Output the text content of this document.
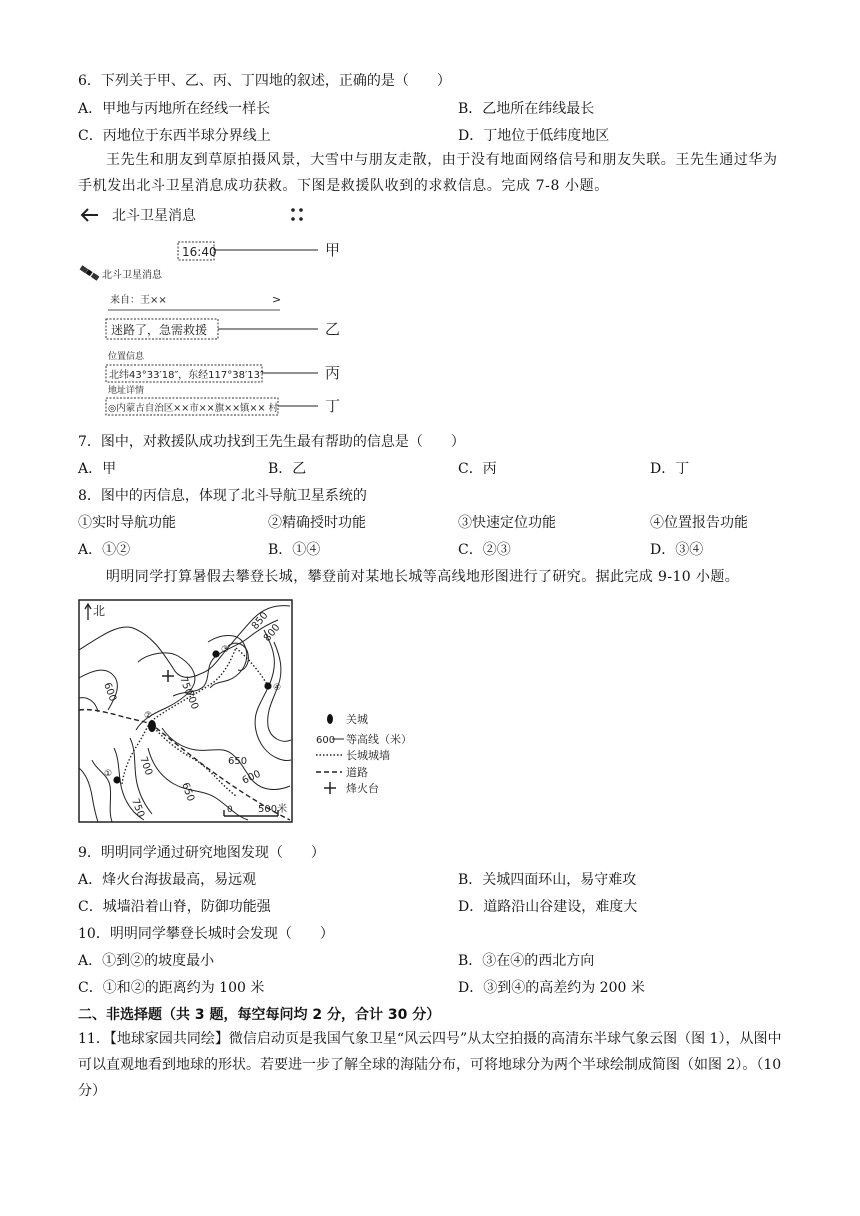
6．下列关于甲、乙、丙、丁四地的叙述，正确的是（　　）
A．甲地与丙地所在经线一样长	B．乙地所在纬线最长
C．丙地位于东西半球分界线上	D．丁地位于低纬度地区
王先生和朋友到草原拍摄风景，大雪中与朋友走散，由于没有地面网络信号和朋友失联。王先生通过华为手机发出北斗卫星消息成功获救。下图是救援队收到的求救信息。完成 7-8 小题。
北斗卫星消息
16:40	甲
北斗卫星消息
来自：王××	>
迷路了，急需救援	乙
位置信息
北纬43°33′18″，东经117°38′13″	丙
地址详情
◎内蒙古自治区××市××旗××镇×× 村	丁
7．图中，对救援队成功找到王先生最有帮助的信息是（　　）
A．甲	B．乙	C．丙	D．丁
8．图中的丙信息，体现了北斗导航卫星系统的
①实时导航功能	②精确授时功能	③快速定位功能	④位置报告功能
A．①②	B．①④	C．②③	D．③④
明明同学打算暑假去攀登长城，攀登前对某地长城等高线地形图进行了研究。据此完成 9-10 小题。
北	850
800
750
700
600
700	650
600
650
750
①
②
③
④
0	500米
关城
600 等高线（米）
长城城墙
道路
烽火台
9．明明同学通过研究地图发现（　　）
A．烽火台海拔最高，易远观	B．关城四面环山，易守难攻
C．城墙沿着山脊，防御功能强	D．道路沿山谷建设，难度大
10．明明同学攀登长城时会发现（　　）
A．①到②的坡度最小	B．③在④的西北方向
C．①和②的距离约为 100 米	D．③到④的高差约为 200 米
二、非选择题（共 3 题，每空每问均 2 分，合计 30 分）
11．【地球家园共同绘】微信启动页是我国气象卫星“风云四号”从太空拍摄的高清东半球气象云图（图 1），从图中可以直观地看到地球的形状。若要进一步了解全球的海陆分布，可将地球分为两个半球绘制成简图（如图 2）。（10 分）
